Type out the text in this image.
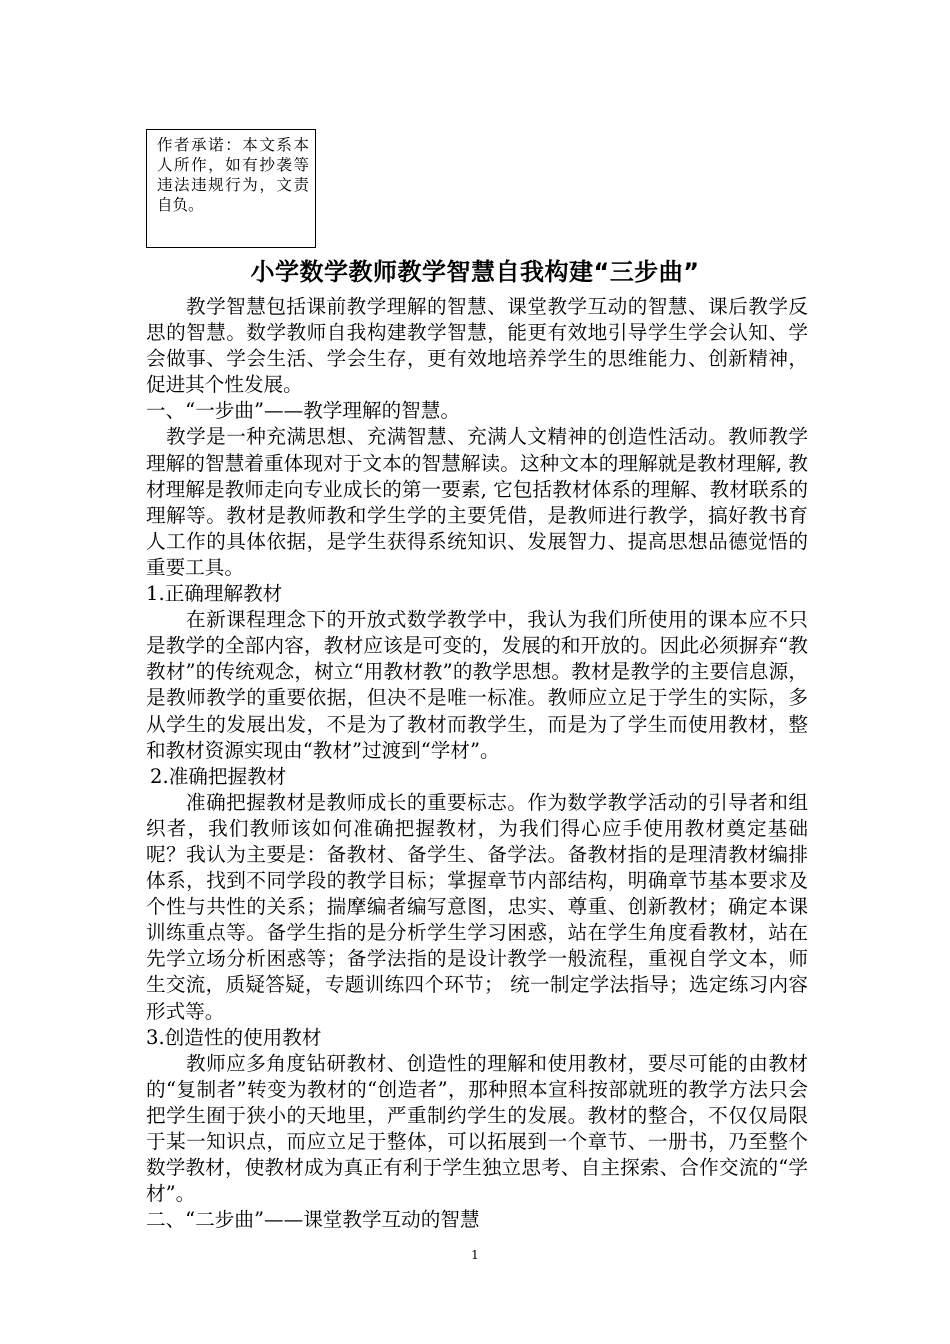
作者承诺：本文系本人所作，如有抄袭等违法违规行为，文责自负。
小学数学教师教学智慧自我构建“三步曲”

教学智慧包括课前教学理解的智慧、课堂教学互动的智慧、课后教学反思的智慧。数学教师自我构建教学智慧，能更有效地引导学生学会认知、学会做事、学会生活、学会生存，更有效地培养学生的思维能力、创新精神，促进其个性发展。

一、“一步曲”——教学理解的智慧。

教学是一种充满思想、充满智慧、充满人文精神的创造性活动。教师教学理解的智慧着重体现对于文本的智慧解读。这种文本的理解就是教材理解, 教材理解是教师走向专业成长的第一要素, 它包括教材体系的理解、教材联系的理解等。教材是教师教和学生学的主要凭借，是教师进行教学，搞好教书育人工作的具体依据，是学生获得系统知识、发展智力、提高思想品德觉悟的重要工具。

1.正确理解教材

在新课程理念下的开放式数学教学中，我认为我们所使用的课本应不只是教学的全部内容，教材应该是可变的，发展的和开放的。因此必须摒弃“教教材”的传统观念，树立“用教材教”的教学思想。教材是教学的主要信息源，是教师教学的重要依据，但决不是唯一标准。教师应立足于学生的实际，多从学生的发展出发，不是为了教材而教学生，而是为了学生而使用教材，整和教材资源实现由“教材”过渡到“学材”。

2.准确把握教材

准确把握教材是教师成长的重要标志。作为数学教学活动的引导者和组织者，我们教师该如何准确把握教材，为我们得心应手使用教材奠定基础呢？我认为主要是：备教材、备学生、备学法。备教材指的是理清教材编排体系，找到不同学段的教学目标；掌握章节内部结构，明确章节基本要求及个性与共性的关系；揣摩编者编写意图，忠实、尊重、创新教材；确定本课训练重点等。备学生指的是分析学生学习困惑，站在学生角度看教材，站在先学立场分析困惑等；备学法指的是设计教学一般流程，重视自学文本，师生交流，质疑答疑，专题训练四个环节； 统一制定学法指导；选定练习内容形式等。

3.创造性的使用教材

教师应多角度钻研教材、创造性的理解和使用教材，要尽可能的由教材的“复制者”转变为教材的“创造者”，那种照本宣科按部就班的教学方法只会把学生囿于狭小的天地里，严重制约学生的发展。教材的整合，不仅仅局限于某一知识点，而应立足于整体，可以拓展到一个章节、一册书，乃至整个数学教材，使教材成为真正有利于学生独立思考、自主探索、合作交流的“学材”。

二、“二步曲”——课堂教学互动的智慧

1
